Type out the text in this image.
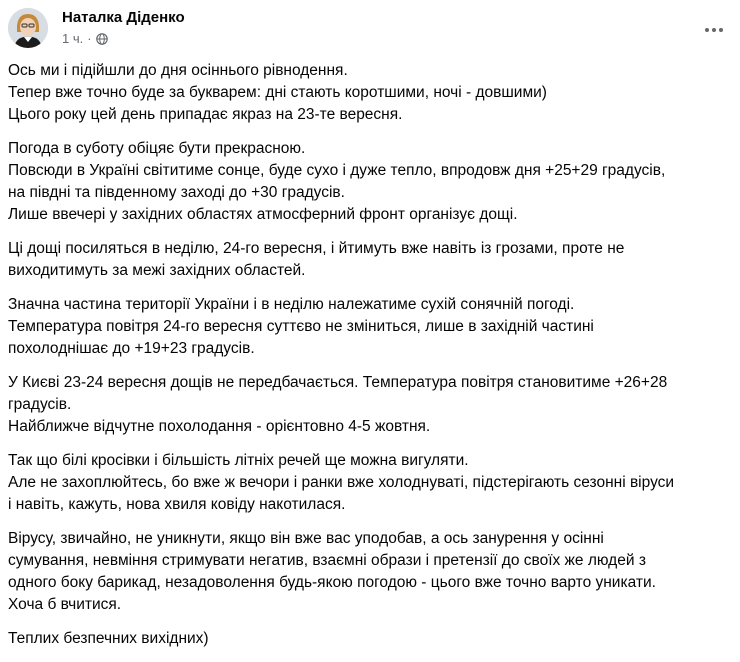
Наталка Діденко
1 ч. ·

Ось ми і підійшли до дня осіннього рівнодення.
Тепер вже точно буде за букварем: дні стають коротшими, ночі - довшими)
Цього року цей день припадає якраз на 23-те вересня.

Погода в суботу обіцяє бути прекрасною.
Повсюди в Україні світитиме сонце, буде сухо і дуже тепло, впродовж дня +25+29 градусів,
на півдні та південному заході до +30 градусів.
Лише ввечері у західних областях атмосферний фронт організує дощі.

Ці дощі посиляться в неділю, 24-го вересня, і йтимуть вже навіть із грозами, проте не
виходитимуть за межі західних областей.

Значна частина території України і в неділю належатиме сухій сонячній погоді.
Температура повітря 24-го вересня суттєво не зміниться, лише в західній частині
похолоднішає до +19+23 градусів.

У Києві 23-24 вересня дощів не передбачається. Температура повітря становитиме +26+28
градусів.
Найближче відчутне похолодання - орієнтовно 4-5 жовтня.

Так що білі кросівки і більшість літніх речей ще можна вигуляти.
Але не захоплюйтесь, бо вже ж вечори і ранки вже холоднуваті, підстерігають сезонні віруси
і навіть, кажуть, нова хвиля ковіду накотилася.

Вірусу, звичайно, не уникнути, якщо він вже вас уподобав, а ось занурення у осінні
сумування, невміння стримувати негатив, взаємні образи і претензії до своїх же людей з
одного боку барикад, незадоволення будь-якою погодою - цього вже точно варто уникати.
Хоча б вчитися.

Теплих безпечних вихідних)
